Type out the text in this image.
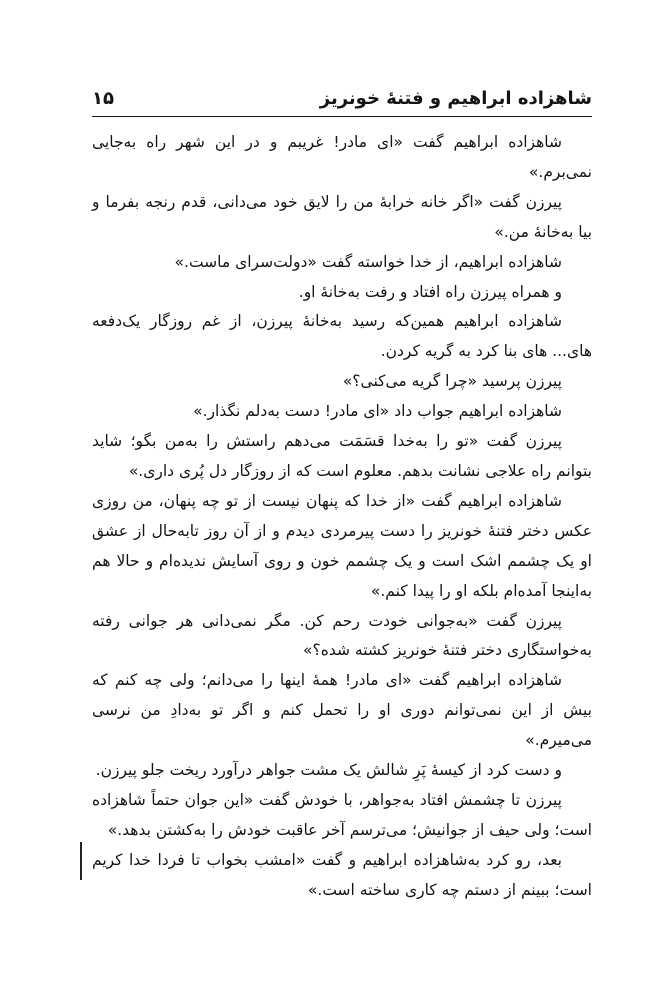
شاهزاده ابراهیم و فتنهٔ خونریز
۱۵

شاهزاده ابراهیم گفت «ای مادر! غریبم و در این شهر راه به‌جایی نمی‌برم.»

پیرزن گفت «اگر خانه خرابهٔ من را لایق خود می‌دانی، قدم رنجه بفرما و بیا به‌خانهٔ من.»

شاهزاده ابراهیم، از خدا خواسته گفت «دولت‌سرای ماست.»

و همراه پیرزن راه افتاد و رفت به‌خانهٔ او.

شاهزاده ابراهیم همین‌که رسید به‌خانهٔ پیرزن، از غم روزگار یک‌دفعه های... های بنا کرد به گریه کردن.

پیرزن پرسید «چرا گریه می‌کنی؟»

شاهزاده ابراهیم جواب داد «ای مادر! دست به‌دلم نگذار.»

پیرزن گفت «تو را به‌خدا قسَمَت می‌دهم راستش را به‌من بگو؛ شاید بتوانم راه علاجی نشانت بدهم. معلوم است که از روزگار دل پُری داری.»

شاهزاده ابراهیم گفت «از خدا که پنهان نیست از تو چه پنهان، من روزی عکس دختر فتنهٔ خونریز را دست پیرمردی دیدم و از آن روز تابه‌حال از عشق او یک چشمم اشک است و یک چشمم خون و روی آسایش ندیده‌ام و حالا هم به‌اینجا آمده‌ام بلکه او را پیدا کنم.»

پیرزن گفت «به‌جوانی خودت رحم کن. مگر نمی‌دانی هر جوانی رفته به‌خواستگاری دختر فتنهٔ خونریز کشته شده؟»

شاهزاده ابراهیم گفت «ای مادر! همهٔ اینها را می‌دانم؛ ولی چه کنم که بیش از این نمی‌توانم دوری او را تحمل کنم و اگر تو به‌دادِ من نرسی می‌میرم.»

و دست کرد از کیسهٔ پَرِ شالش یک مشت جواهر درآورد ریخت جلو پیرزن.

پیرزن تا چشمش افتاد به‌جواهر، با خودش گفت «این جوان حتماً شاهزاده است؛ ولی حیف از جوانیش؛ می‌ترسم آخر عاقبت خودش را به‌کشتن بدهد.»

بعد، رو کرد به‌شاهزاده ابراهیم و گفت «امشب بخواب تا فردا خدا کریم است؛ ببینم از دستم چه کاری ساخته است.»
